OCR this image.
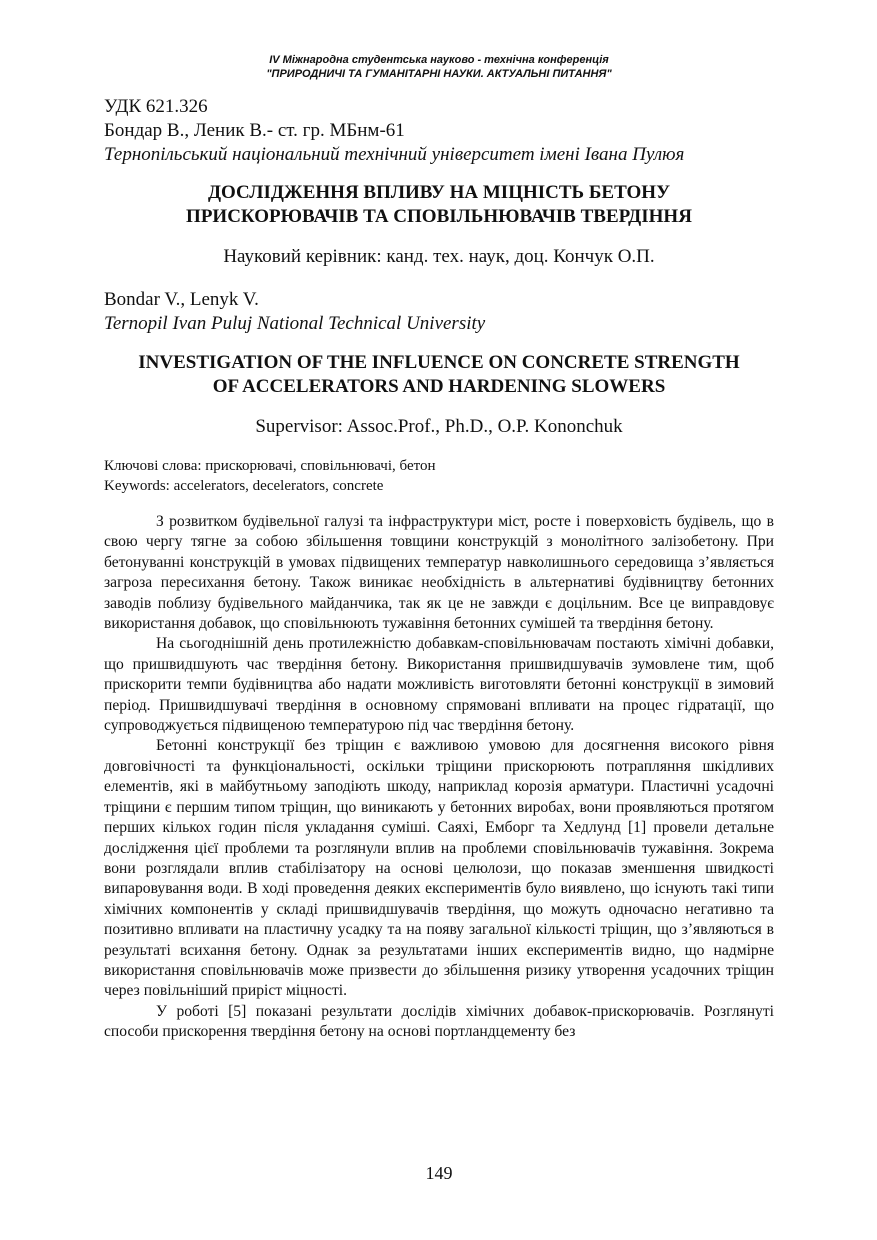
IV Міжнародна студентська науково - технічна конференція
"ПРИРОДНИЧІ ТА ГУМАНІТАРНІ НАУКИ. АКТУАЛЬНІ ПИТАННЯ"
УДК 621.326
Бондар В., Леник В.- ст. гр. МБнм-61
Тернопільський національний технічний університет імені Івана Пулюя
ДОСЛІДЖЕННЯ ВПЛИВУ НА МІЦНІСТЬ БЕТОНУ
ПРИСКОРЮВАЧІВ ТА СПОВІЛЬНЮВАЧІВ ТВЕРДІННЯ
Науковий керівник: канд. тех. наук, доц. Кончук О.П.
Bondar V., Lenyk V.
Ternopil Ivan Puluj National Technical University
INVESTIGATION OF THE INFLUENCE ON CONCRETE STRENGTH
OF ACCELERATORS AND HARDENING SLOWERS
Supervisor: Assoc.Prof., Ph.D., O.P. Kononchuk
Ключові слова: прискорювачі, сповільнювачі, бетон
Keywords: accelerators, decelerators, concrete

З розвитком будівельної галузі та інфраструктури міст, росте і поверховість будівель, що в свою чергу тягне за собою збільшення товщини конструкцій з монолітного залізобетону. При бетонуванні конструкцій в умовах підвищених температур навколишнього середовища з’являється загроза пересихання бетону. Також виникає необхідність в альтернативі будівництву бетонних заводів поблизу будівельного майданчика, так як це не завжди є доцільним. Все це виправдовує використання добавок, що сповільнюють тужавіння бетонних сумішей та твердіння бетону.

На сьогоднішній день протилежністю добавкам-сповільнювачам постають хімічні добавки, що пришвидшують час твердіння бетону. Використання пришвидшувачів зумовлене тим, щоб прискорити темпи будівництва або надати можливість виготовляти бетонні конструкції в зимовий період. Пришвидшувачі твердіння в основному спрямовані впливати на процес гідратації, що супроводжується підвищеною температурою під час твердіння бетону.

Бетонні конструкції без тріщин є важливою умовою для досягнення високого рівня довговічності та функціональності, оскільки тріщини прискорюють потрапляння шкідливих елементів, які в майбутньому заподіють шкоду, наприклад корозія арматури. Пластичні усадочні тріщини є першим типом тріщин, що виникають у бетонних виробах, вони проявляються протягом перших кількох годин після укладання суміші. Саяхі, Емборг та Хедлунд [1] провели детальне дослідження цієї проблеми та розглянули вплив на проблеми сповільнювачів тужавіння. Зокрема вони розглядали вплив стабілізатору на основі целюлози, що показав зменшення швидкості випаровування води. В ході проведення деяких експериментів було виявлено, що існують такі типи хімічних компонентів у складі пришвидшувачів твердіння, що можуть одночасно негативно та позитивно впливати на пластичну усадку та на появу загальної кількості тріщин, що з’являються в результаті всихання бетону. Однак за результатами інших експериментів видно, що надмірне використання сповільнювачів може призвести до збільшення ризику утворення усадочних тріщин через повільніший приріст міцності.

У роботі [5] показані результати дослідів хімічних добавок-прискорювачів. Розглянуті способи прискорення твердіння бетону на основі портландцементу без

149
